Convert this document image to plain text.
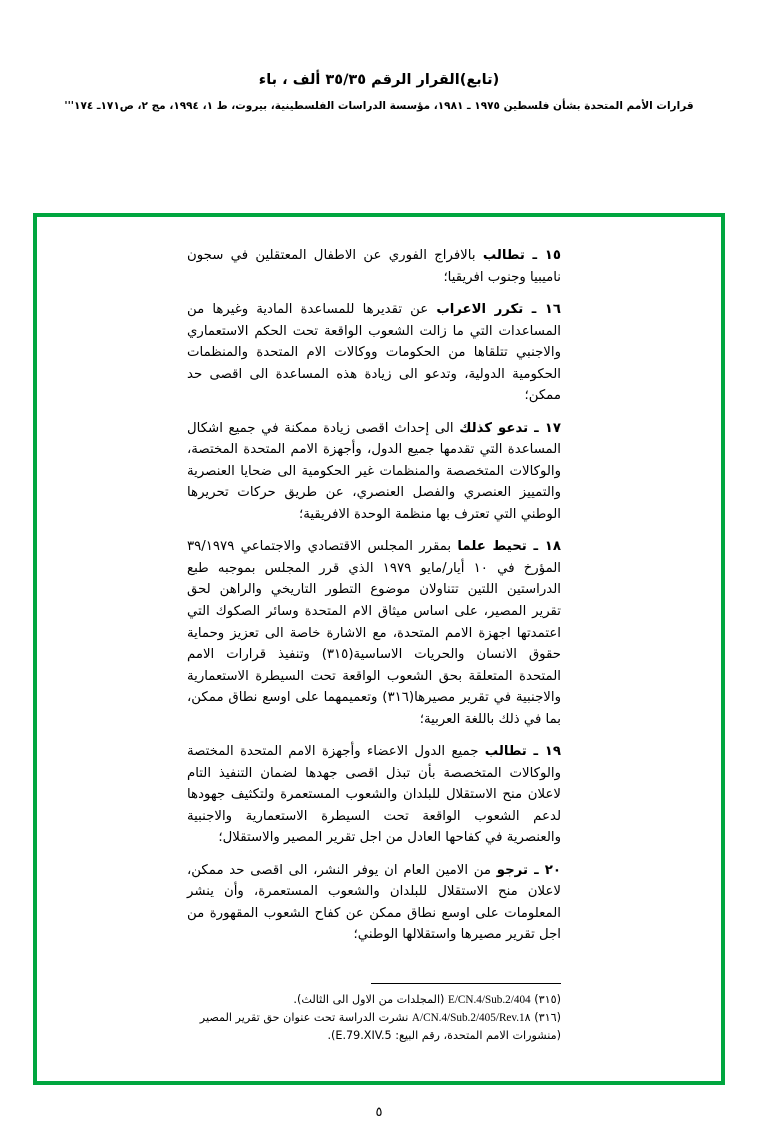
(تابع)القرار الرقم ٣٥/٣٥ ألف ، باء
قرارات الأمم المتحدة بشأن فلسطين ١٩٧٥ ـ ١٩٨١، مؤسسة الدراسات الفلسطينية، بيروت، ط ١، ١٩٩٤، مج ٢، ص١٧١ـ ١٧٤'''

١٥ ـ تطالب بالافراج الفوري عن الاطفال المعتقلين في سجون ناميبيا وجنوب افريقيا؛

١٦ ـ تكرر الاعراب عن تقديرها للمساعدة المادية وغيرها من المساعدات التي ما زالت الشعوب الواقعة تحت الحكم الاستعماري والاجنبي تتلقاها من الحكومات ووكالات الام المتحدة والمنظمات الحكومية الدولية، وتدعو الى زيادة هذه المساعدة الى اقصى حد ممكن؛

١٧ ـ تدعو كذلك الى إحداث اقصى زيادة ممكنة في جميع اشكال المساعدة التي تقدمها جميع الدول، وأجهزة الامم المتحدة المختصة، والوكالات المتخصصة والمنظمات غير الحكومية الى ضحايا العنصرية والتمييز العنصري والفصل العنصري، عن طريق حركات تحريرها الوطني التي تعترف بها منظمة الوحدة الافريقية؛

١٨ ـ تحيط علما بمقرر المجلس الاقتصادي والاجتماعي ٣٩/١٩٧٩ المؤرخ في ١٠ أيار/مايو ١٩٧٩ الذي قرر المجلس بموجبه طبع الدراستين اللتين تتناولان موضوع التطور التاريخي والراهن لحق تقرير المصير، على اساس ميثاق الام المتحدة وسائر الصكوك التي اعتمدتها اجهزة الامم المتحدة، مع الاشارة خاصة الى تعزيز وحماية حقوق الانسان والحريات الاساسية(٣١٥) وتنفيذ قرارات الامم المتحدة المتعلقة بحق الشعوب الواقعة تحت السيطرة الاستعمارية والاجنبية في تقرير مصيرها(٣١٦) وتعميمهما على اوسع نطاق ممكن، بما في ذلك باللغة العربية؛

١٩ ـ تطالب جميع الدول الاعضاء وأجهزة الامم المتحدة المختصة والوكالات المتخصصة بأن تبذل اقصى جهدها لضمان التنفيذ التام لاعلان منح الاستقلال للبلدان والشعوب المستعمرة ولتكثيف جهودها لدعم الشعوب الواقعة تحت السيطرة الاستعمارية والاجنبية والعنصرية في كفاحها العادل من اجل تقرير المصير والاستقلال؛

٢٠ ـ ترجو من الامين العام ان يوفر النشر، الى اقصى حد ممكن، لاعلان منح الاستقلال للبلدان والشعوب المستعمرة، وأن ينشر المعلومات على اوسع نطاق ممكن عن كفاح الشعوب المقهورة من اجل تقرير مصيرها واستقلالها الوطني؛

(٣١٥) E/CN.4/Sub.2/404 (المجلدات من الاول الى الثالث).

(٣١٦) A/CN.4/Sub.2/405/Rev.1٨ نشرت الدراسة تحت عنوان حق تقرير المصير (منشورات الامم المتحدة، رقم البيع: E.79.XIV.5).

٥
